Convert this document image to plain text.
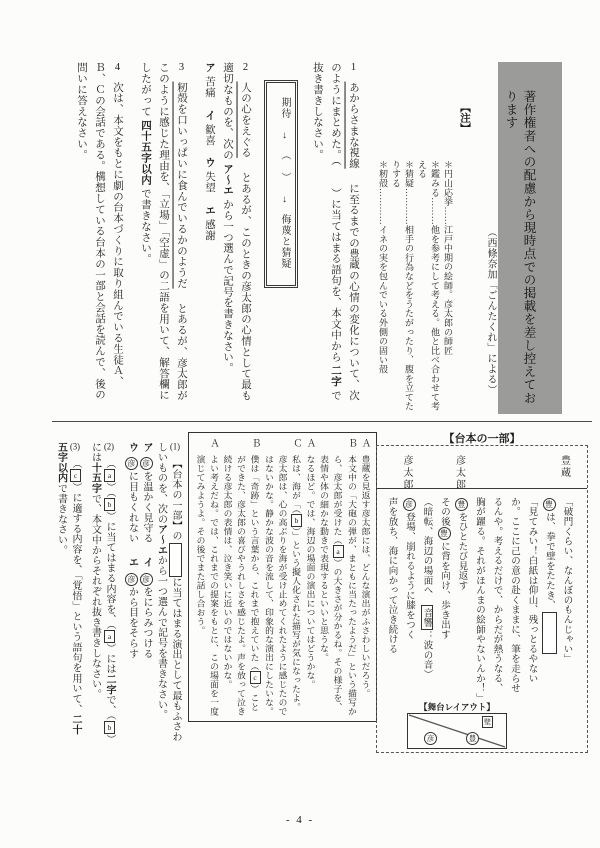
著作権者への配慮から現時点での掲載を差し控えております
（西條奈加「ごんたくれ」による）
【注】
＊円山応挙……江戸中期の絵師。彦太郎の師匠
＊鑑みる………他を参考にして考える。他と比べ合わせて考える
＊猜疑…………相手の行為などをうたがったり、腹を立てたりする
＊籾殻…………イネの実を包んでいる外側の固い殻
1 あからさまな視線 　に至るまでの豊蔵の心情の変化について、次のようにまとめた。（　　）に当てはまる語句を、本文中から 二字 で抜き書きしなさい。
期待 ↓ （　） ↓ 侮蔑と猜疑
2 人の心をえぐる 　とあるが、このときの彦太郎の心情として最も適切なものを、次の ア～エ から一つ選んで記号を書きなさい。
ア苦痛イ歓喜ウ失望エ感謝
3 籾殻を口いっぱいに食んでいるかのようだ 　とあるが、彦太郎がこのように感じた理由を、「立場」「空虚」の二語を用いて、解答欄にしたがって 四十五字以内 で書きなさい。
4 次は、本文をもとに劇の台本づくりに取り組んでいる生徒Ａ、Ｂ、Ｃの会話である。構想している台本の一部と会話を読んで、後の問いに答えなさい。
【台本の一部】
豊蔵
「破門くらい、なんぼのもんじゃい」
豊は、拳で壁をたたき、
「見てみい！白紙は仰山、残っとるやないか。ここに己の意の赴くままに、筆を走らせるんや。考えるだけで、からだが熱うなる、胸が躍る。それがほんまの絵師やないんか！」
彦太郎
豊をひとたび見返す
その後豊に背を向け、歩き出す
（暗転、海辺の場面へ　音響：波の音）
彦太郎
彦登場、崩れるように膝をつく
声を放ち、海に向かって泣き続ける
【舞台レイアウト】
壁
彦	豊
Ａ
豊蔵を見返す彦太郎には、どんな演出がふさわしいだろう。
Ｂ
本文中の「大砲の弾が、まともに当たったようだ」という描写から、彦太郎が受けた（a）の大きさが分かるね。その様子を、表情や体の細かな動きで表現するといいと思うな。
Ａ
なるほど。では、海辺の場面の演出についてはどうかな。
Ｃ
私は、海が「（b）」という擬人化された描写が気になったよ。彦太郎は、心の高ぶりを海が受け止めてくれたように感じたのではないかな。静かな波の音を流して、印象的な演出にしたいな。
Ｂ
僕は「奇跡」という言葉から、これまで抱えていた（c）ことができた、彦太郎の喜びやうれしさを感じたよ。声を放って泣き続ける彦太郎の表情は、泣き笑いに近いのではないかな。
Ａ
よい考えだね。では、これまでの提案をもとに、この場面を一度演じてみようよ。その後でまた話し合おう。
(1) 【台本の一部】のに当てはまる演出として最もふさわしいものを、次のア～エから一つ選んで記号を書きなさい。
ア彦を温かく見守るイ彦をにらみつける
ウ彦に目もくれないエ彦から目をそらす
(2) （a）（b）に当てはまる内容を、（a）には二字で、（b）には十五字で、本文中からそれぞれ抜き書きしなさい。
(3) （c）に適する内容を、「覚悟」という語句を用いて、二十五字以内で書きなさい。
- 4 -
